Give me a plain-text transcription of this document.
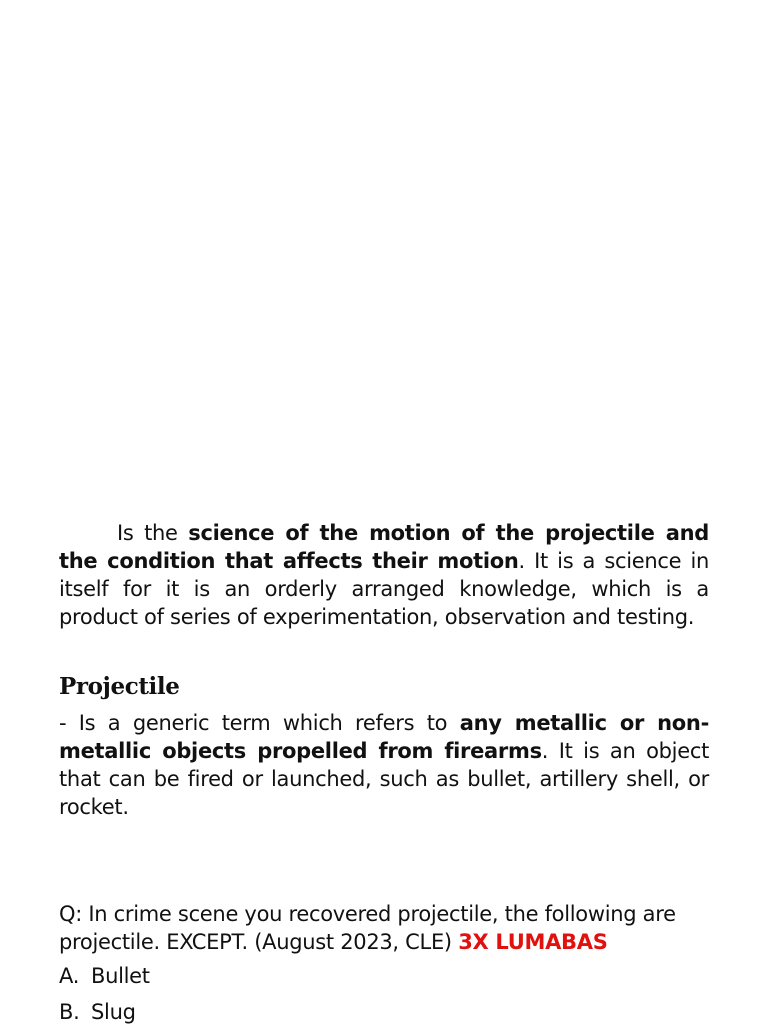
Is the science of the motion of the projectile and the condition that affects their motion. It is a science in itself for it is an orderly arranged knowledge, which is a product of series of experimentation, observation and testing.

Projectile

- Is a generic term which refers to any metallic or non-metallic objects propelled from firearms. It is an object that can be fired or launched, such as bullet, artillery shell, or rocket.

Q: In crime scene you recovered projectile, the following are projectile. EXCEPT. (August 2023, CLE) 3X LUMABAS

A. Bullet
B. Slug
